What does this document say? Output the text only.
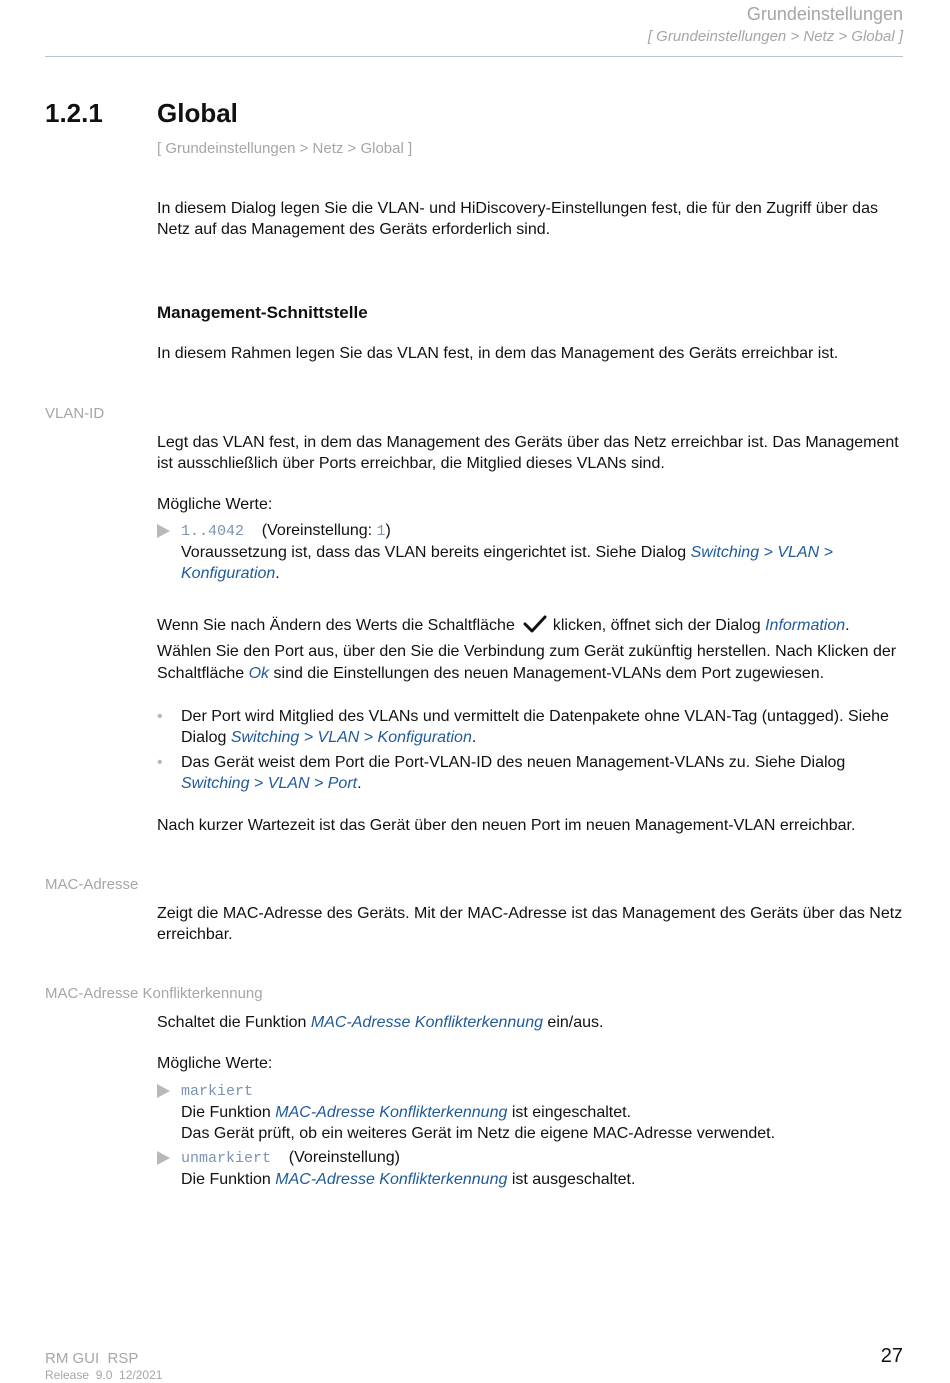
Grundeinstellungen
[ Grundeinstellungen > Netz > Global ]
1.2.1 Global
[ Grundeinstellungen > Netz > Global ]
In diesem Dialog legen Sie die VLAN- und HiDiscovery-Einstellungen fest, die für den Zugriff über das Netz auf das Management des Geräts erforderlich sind.
Management-Schnittstelle
In diesem Rahmen legen Sie das VLAN fest, in dem das Management des Geräts erreichbar ist.
VLAN-ID
Legt das VLAN fest, in dem das Management des Geräts über das Netz erreichbar ist. Das Management ist ausschließlich über Ports erreichbar, die Mitglied dieses VLANs sind.
Mögliche Werte:
1..4042 (Voreinstellung: 1)
Voraussetzung ist, dass das VLAN bereits eingerichtet ist. Siehe Dialog Switching > VLAN > Konfiguration.
Wenn Sie nach Ändern des Werts die Schaltfläche klicken, öffnet sich der Dialog Information. Wählen Sie den Port aus, über den Sie die Verbindung zum Gerät zukünftig herstellen. Nach Klicken der Schaltfläche Ok sind die Einstellungen des neuen Management-VLANs dem Port zugewiesen.
• Der Port wird Mitglied des VLANs und vermittelt die Datenpakete ohne VLAN-Tag (untagged). Siehe Dialog Switching > VLAN > Konfiguration.
• Das Gerät weist dem Port die Port-VLAN-ID des neuen Management-VLANs zu. Siehe Dialog Switching > VLAN > Port.
Nach kurzer Wartezeit ist das Gerät über den neuen Port im neuen Management-VLAN erreichbar.
MAC-Adresse
Zeigt die MAC-Adresse des Geräts. Mit der MAC-Adresse ist das Management des Geräts über das Netz erreichbar.
MAC-Adresse Konflikterkennung
Schaltet die Funktion MAC-Adresse Konflikterkennung ein/aus.
Mögliche Werte:
markiert
Die Funktion MAC-Adresse Konflikterkennung ist eingeschaltet.
Das Gerät prüft, ob ein weiteres Gerät im Netz die eigene MAC-Adresse verwendet.
unmarkiert (Voreinstellung)
Die Funktion MAC-Adresse Konflikterkennung ist ausgeschaltet.
RM GUI  RSP
Release  9.0  12/2021
27
